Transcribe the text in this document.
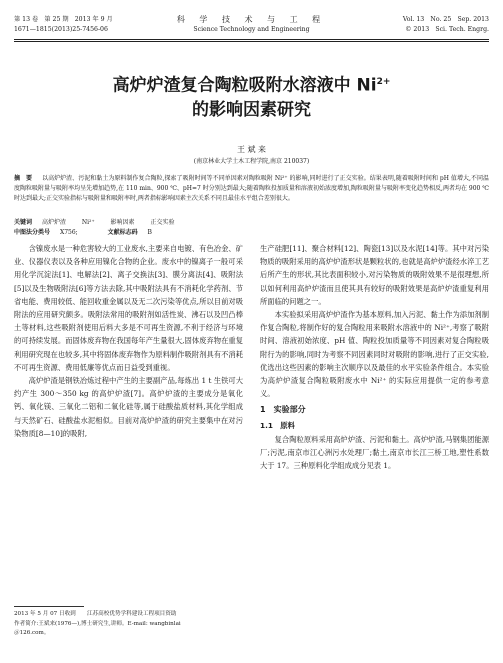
第 13 卷　第 25 期　2013 年 9 月
1671—1815(2013)25-7456-06
科 学 技 术 与 工 程
Science Technology and Engineering
Vol. 13　No. 25　Sep. 2013
© 2013　Sci. Tech. Engrg.
高炉炉渣复合陶粒吸附水溶液中 $Ni^{2+}$
的影响因素研究
王 斌 来
(南京林业大学土木工程学院,南京 210037)
摘　要 以高炉炉渣、污泥和黏土为原料制作复合陶粒,探索了吸附时间等不同单因素对陶粒吸附 Ni²⁺ 的影响,同时进行了正交实验。结果表明,随着吸附时间和 pH 值增大,不同温度陶粒吸附量与吸附率均呈先增加趋势,在 110 min、900 ℃、pH=7 时分别达到最大;随着陶粒投加质量和溶液初始浓度增加,陶粒吸附量与吸附率变化趋势相反,两者均在 900 ℃ 时达到最大;正交实验指标与吸附量和吸附率时,两者指标影响因素主次关系不同且最佳水平组合差别很大。
关键词 高炉炉渣	Ni²⁺	影响因素	正交实验
中图法分类号 X756;	文献标志码 B

含镍废水是一种危害较大的工业废水,主要来自电镀、有色冶金、矿业、仪器仪表以及各种应用镍化合物的企业。废水中的镍离子一般可采用化学沉淀法[1]、电解法[2]、离子交换法[3]、膜分离法[4]、吸附法[5]以及生物吸附法[6]等方法去除,其中吸附法具有不消耗化学药剂、节省电能、费用较低、能回收重金属以及无二次污染等优点,所以目前对吸附法的应用研究颇多。吸附法常用的吸附剂如活性炭、沸石以及凹凸棒土等材料,这些吸附剂使用后料大多是不可再生资源,不利于经济与环境的可持续发展。而固体废弃物在我国每年产生量很大,固体废弃物在重复利用研究现在也较多,其中将固体废弃物作为原料制作吸附剂具有不消耗不可再生资源、费用低廉等优点而日益受到重视。

高炉炉渣是钢铁冶炼过程中产生的主要副产品,每炼出 1 t 生铁可大约产生 300～350 kg 的高炉炉渣[7]。高炉炉渣的主要成分是氧化钙、氧化镁、三氧化二铝和二氧化硅等,属于硅酸盐质材料,其化学组成与天然矿石、硅酸盐水泥相似。目前对高炉炉渣的研究主要集中在对污染物质[8—10]的吸附,

生产硅肥[11]、聚合材料[12]、陶瓷[13]以及水泥[14]等。其中对污染物质的吸附采用的高炉炉渣形状是颗粒状的,也就是高炉炉渣经水淬工艺后所产生的形状,其比表面积较小,对污染物质的吸附效果不是很理想,所以如何利用高炉炉渣而且使其具有较好的吸附效果是高炉炉渣重复利用所面临的问题之一。

本实验拟采用高炉炉渣作为基本原料,加入污泥、黏土作为添加剂制作复合陶粒,将制作好的复合陶粒用来吸附水溶液中的 Ni²⁺,考察了吸附时间、溶液初始浓度、pH 值、陶粒投加质量等不同因素对复合陶粒吸附行为的影响,同时为考察不同因素同时对吸附的影响,进行了正交实验,优选出这些因素的影响主次顺序以及最佳的水平实验条件组合。本实验为高炉炉渣复合陶粒吸附废水中 Ni²⁺ 的实际应用提供一定的参考意义。

1　实验部分
1.1　原料

复合陶粒原料采用高炉炉渣、污泥和黏土。高炉炉渣,马钢集团能源厂;污泥,南京市江心洲污水处理厂;黏土,南京市长江三桥工地,塑性系数大于 17。三种原料化学组成成分见表 1。

2013 年 5 月 07 日收到　　江苏高校优势学科建设工程项目资助
作者简介:王斌来(1976—),博士研究生,讲师。E-mail: wangbinlai
＠126.com。
